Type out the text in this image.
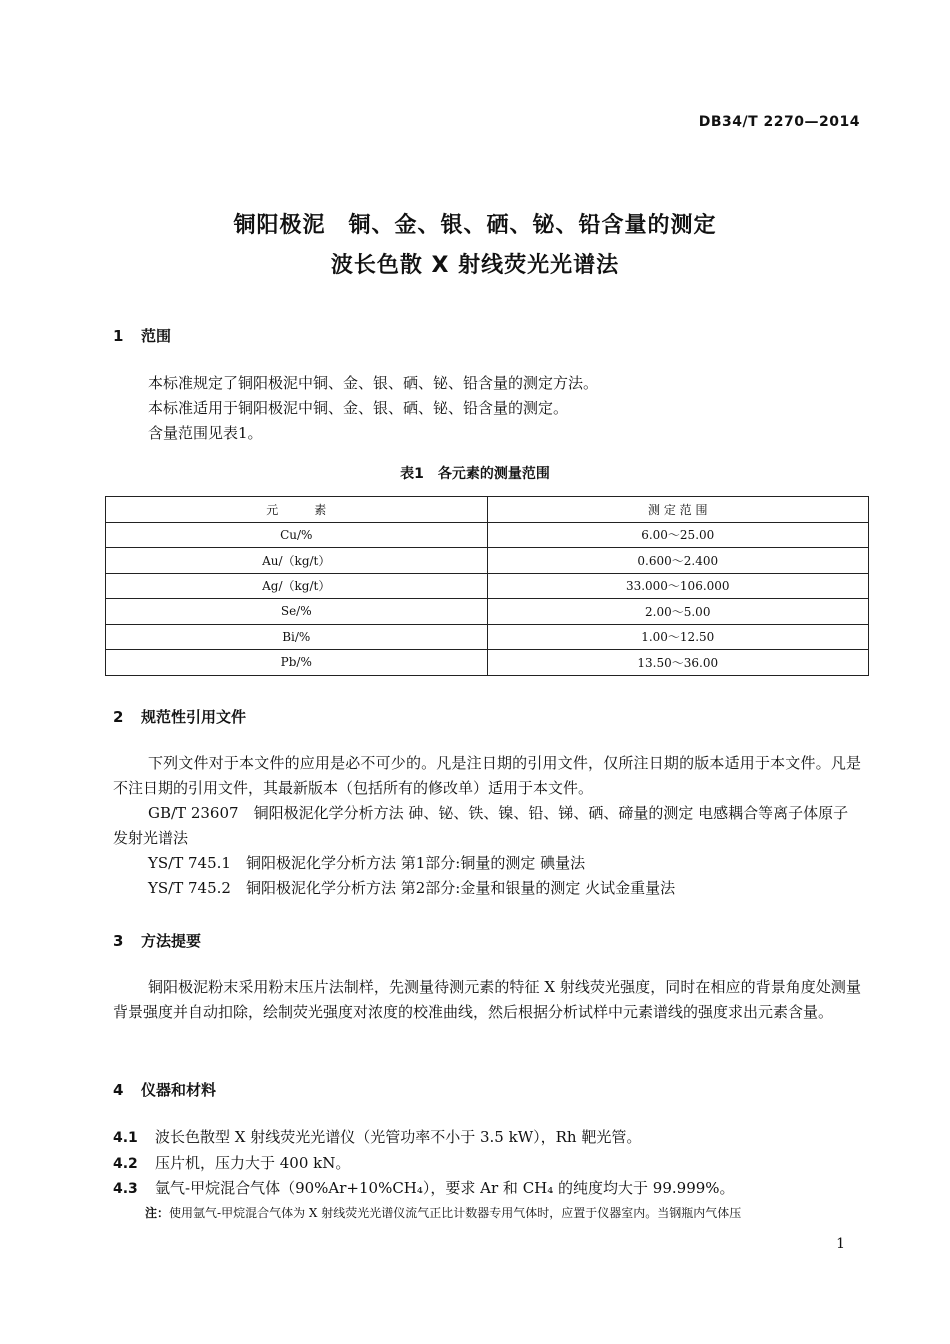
DB34/T 2270—2014
铜阳极泥　铜、金、银、硒、铋、铅含量的测定
波长色散 X 射线荧光光谱法
1 范围
本标准规定了铜阳极泥中铜、金、银、硒、铋、铅含量的测定方法。
本标准适用于铜阳极泥中铜、金、银、硒、铋、铅含量的测定。
含量范围见表1。
表1　各元素的测量范围
元　　　素	测 定 范 围
Cu/%	6.00～25.00
Au/（kg/t）	0.600～2.400
Ag/（kg/t）	33.000～106.000
Se/%	2.00～5.00
Bi/%	1.00～12.50
Pb/%	13.50～36.00
2 规范性引用文件
下列文件对于本文件的应用是必不可少的。凡是注日期的引用文件，仅所注日期的版本适用于本文件。凡是不注日期的引用文件，其最新版本（包括所有的修改单）适用于本文件。
GB/T 23607　 铜阳极泥化学分析方法 砷、铋、铁、镍、铅、锑、硒、碲量的测定 电感耦合等离子体原子发射光谱法
YS/T 745.1　 铜阳极泥化学分析方法 第1部分:铜量的测定 碘量法
YS/T 745.2　 铜阳极泥化学分析方法 第2部分:金量和银量的测定 火试金重量法
3 方法提要
铜阳极泥粉末采用粉末压片法制样，先测量待测元素的特征 X 射线荧光强度，同时在相应的背景角度处测量背景强度并自动扣除，绘制荧光强度对浓度的校准曲线，然后根据分析试样中元素谱线的强度求出元素含量。
4 仪器和材料
4.1 波长色散型 X 射线荧光光谱仪（光管功率不小于 3.5 kW），Rh 靶光管。
4.2 压片机，压力大于 400 kN。
4.3 氩气-甲烷混合气体（90%Ar+10%CH₄），要求 Ar 和 CH₄ 的纯度均大于 99.999%。
注：使用氩气-甲烷混合气体为 X 射线荧光光谱仪流气正比计数器专用气体时，应置于仪器室内。当钢瓶内气体压
1
